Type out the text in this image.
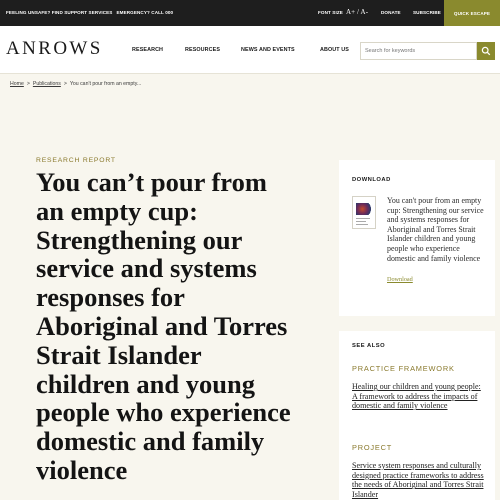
FEELING UNSAFE? FIND SUPPORT SERVICES EMERGENCY? CALL 000	FONT SIZE A+ / A-	DONATE	SUBSCRIBE	QUICK ESCAPE
ANROWS	RESEARCH	RESOURCES	NEWS AND EVENTS	ABOUT US
Search for keywords
Home > Publications > You can't pour from an empty...
RESEARCH REPORT
You can’t pour from an empty cup: Strengthening our service and systems responses for Aboriginal and Torres Strait Islander children and young people who experience domestic and family violence
DOWNLOAD
You can't pour from an empty cup: Strengthening our service and systems responses for Aboriginal and Torres Strait Islander children and young people who experience domestic and family violence
Download
SEE ALSO
PRACTICE FRAMEWORK
Healing our children and young people: A framework to address the impacts of domestic and family violence
PROJECT
Service system responses and culturally designed practice frameworks to address the needs of Aboriginal and Torres Strait Islander
